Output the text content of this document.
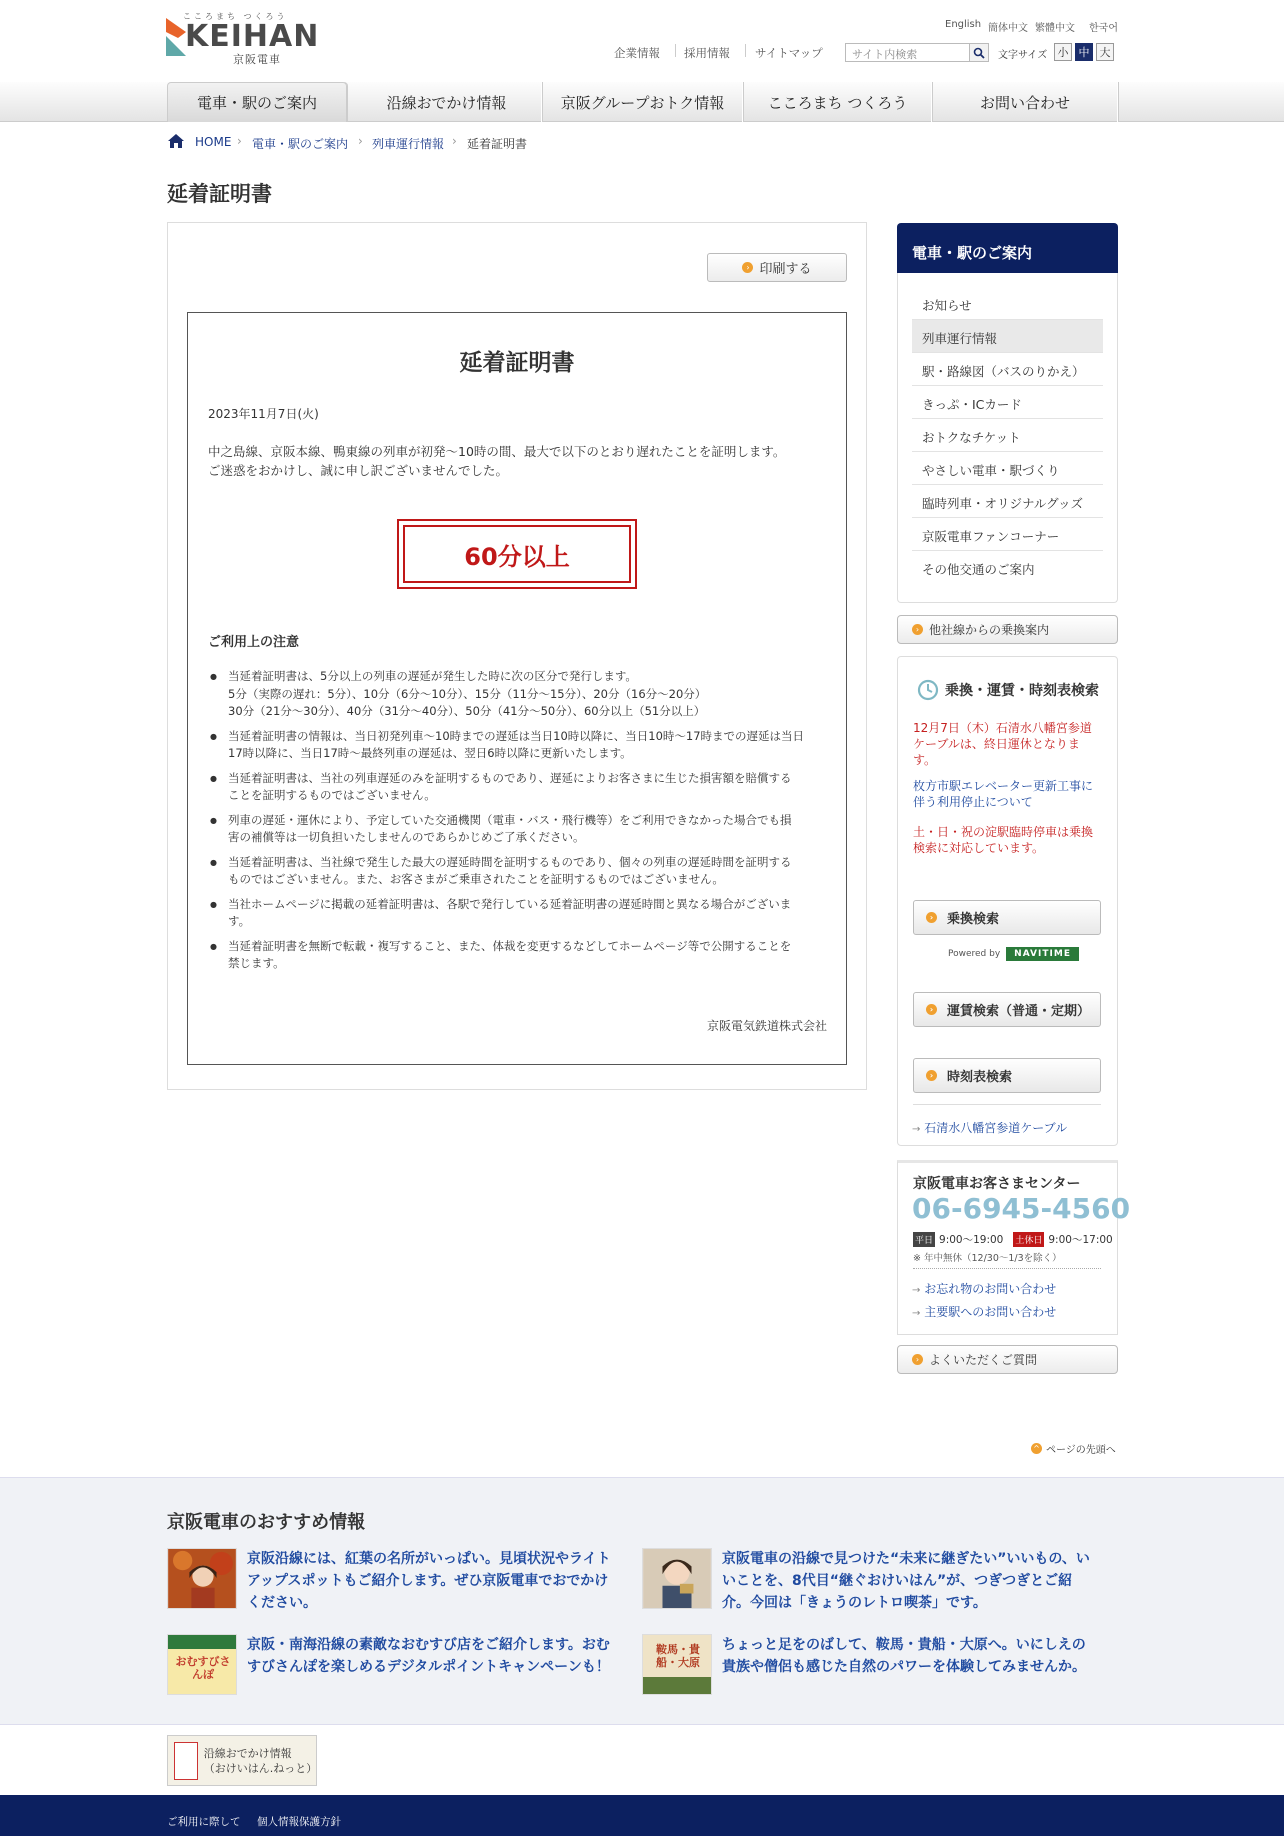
こころまち つくろう
KEIHAN
京阪電車
English 簡体中文 繁體中文 한국어
企業情報 採用情報 サイトマップ	サイト内検索	文字サイズ 小 中 大
電車・駅のご案内	沿線おでかけ情報	京阪グループおトク情報	こころまち つくろう	お問い合わせ
HOME › 電車・駅のご案内 › 列車運行情報 › 延着証明書
延着証明書
› 印刷する
延着証明書
2023年11月7日(火)
中之島線、京阪本線、鴨東線の列車が初発〜10時の間、最大で以下のとおり遅れたことを証明します。
ご迷惑をおかけし、誠に申し訳ございませんでした。
60分以上
ご利用上の注意
● 当延着証明書は、5分以上の列車の遅延が発生した時に次の区分で発行します。
5分（実際の遅れ：5分）、10分（6分〜10分）、15分（11分〜15分）、20分（16分〜20分）
30分（21分〜30分）、40分（31分〜40分）、50分（41分〜50分）、60分以上（51分以上）
● 当延着証明書の情報は、当日初発列車〜10時までの遅延は当日10時以降に、当日10時〜17時までの遅延は当日
17時以降に、当日17時〜最終列車の遅延は、翌日6時以降に更新いたします。
● 当延着証明書は、当社の列車遅延のみを証明するものであり、遅延によりお客さまに生じた損害額を賠償する
ことを証明するものではございません。
● 列車の遅延・運休により、予定していた交通機関（電車・バス・飛行機等）をご利用できなかった場合でも損
害の補償等は一切負担いたしませんのであらかじめご了承ください。
● 当延着証明書は、当社線で発生した最大の遅延時間を証明するものであり、個々の列車の遅延時間を証明する
ものではございません。また、お客さまがご乗車されたことを証明するものではございません。
● 当社ホームページに掲載の延着証明書は、各駅で発行している延着証明書の遅延時間と異なる場合がございま
す。
● 当延着証明書を無断で転載・複写すること、また、体裁を変更するなどしてホームページ等で公開することを
禁じます。
京阪電気鉄道株式会社
電車・駅のご案内
お知らせ
列車運行情報
駅・路線図（バスのりかえ）
きっぷ・ICカード
おトクなチケット
やさしい電車・駅づくり
臨時列車・オリジナルグッズ
京阪電車ファンコーナー
その他交通のご案内
› 他社線からの乗換案内
乗換・運賃・時刻表検索
12月7日（木）石清水八幡宮参道
ケーブルは、終日運休となりま
す。
枚方市駅エレベーター更新工事に
伴う利用停止について
土・日・祝の淀駅臨時停車は乗換
検索に対応しています。
› 乗換検索
Powered by	NAVITIME
› 運賃検索（普通・定期）
› 時刻表検索
→ 石清水八幡宮参道ケーブル
京阪電車お客さまセンター
06-6945-4560
平日 9:00〜19:00 土休日 9:00〜17:00
※ 年中無休（12/30〜1/3を除く）
→ お忘れ物のお問い合わせ
→ 主要駅へのお問い合わせ
› よくいただくご質問
^ ページの先頭へ
京阪電車のおすすめ情報
京阪沿線には、紅葉の名所がいっぱい。見頃状況やライト
アップスポットもご紹介します。ぜひ京阪電車でおでかけ
ください。
京阪電車の沿線で見つけた“未来に継ぎたい”いいもの、い
いことを、8代目“継ぐおけいはん”が、つぎつぎとご紹
介。今回は「きょうのレトロ喫茶」です。
おむすびさんぽ
京阪・南海沿線の素敵なおむすび店をご紹介します。おむ
すびさんぽを楽しめるデジタルポイントキャンペーンも！
鞍馬・貴船・大原
ちょっと足をのばして、鞍馬・貴船・大原へ。いにしえの
貴族や僧侶も感じた自然のパワーを体験してみませんか。
沿線おでかけ情報
（おけいはん.ねっと）
ご利用に際して 個人情報保護方針
